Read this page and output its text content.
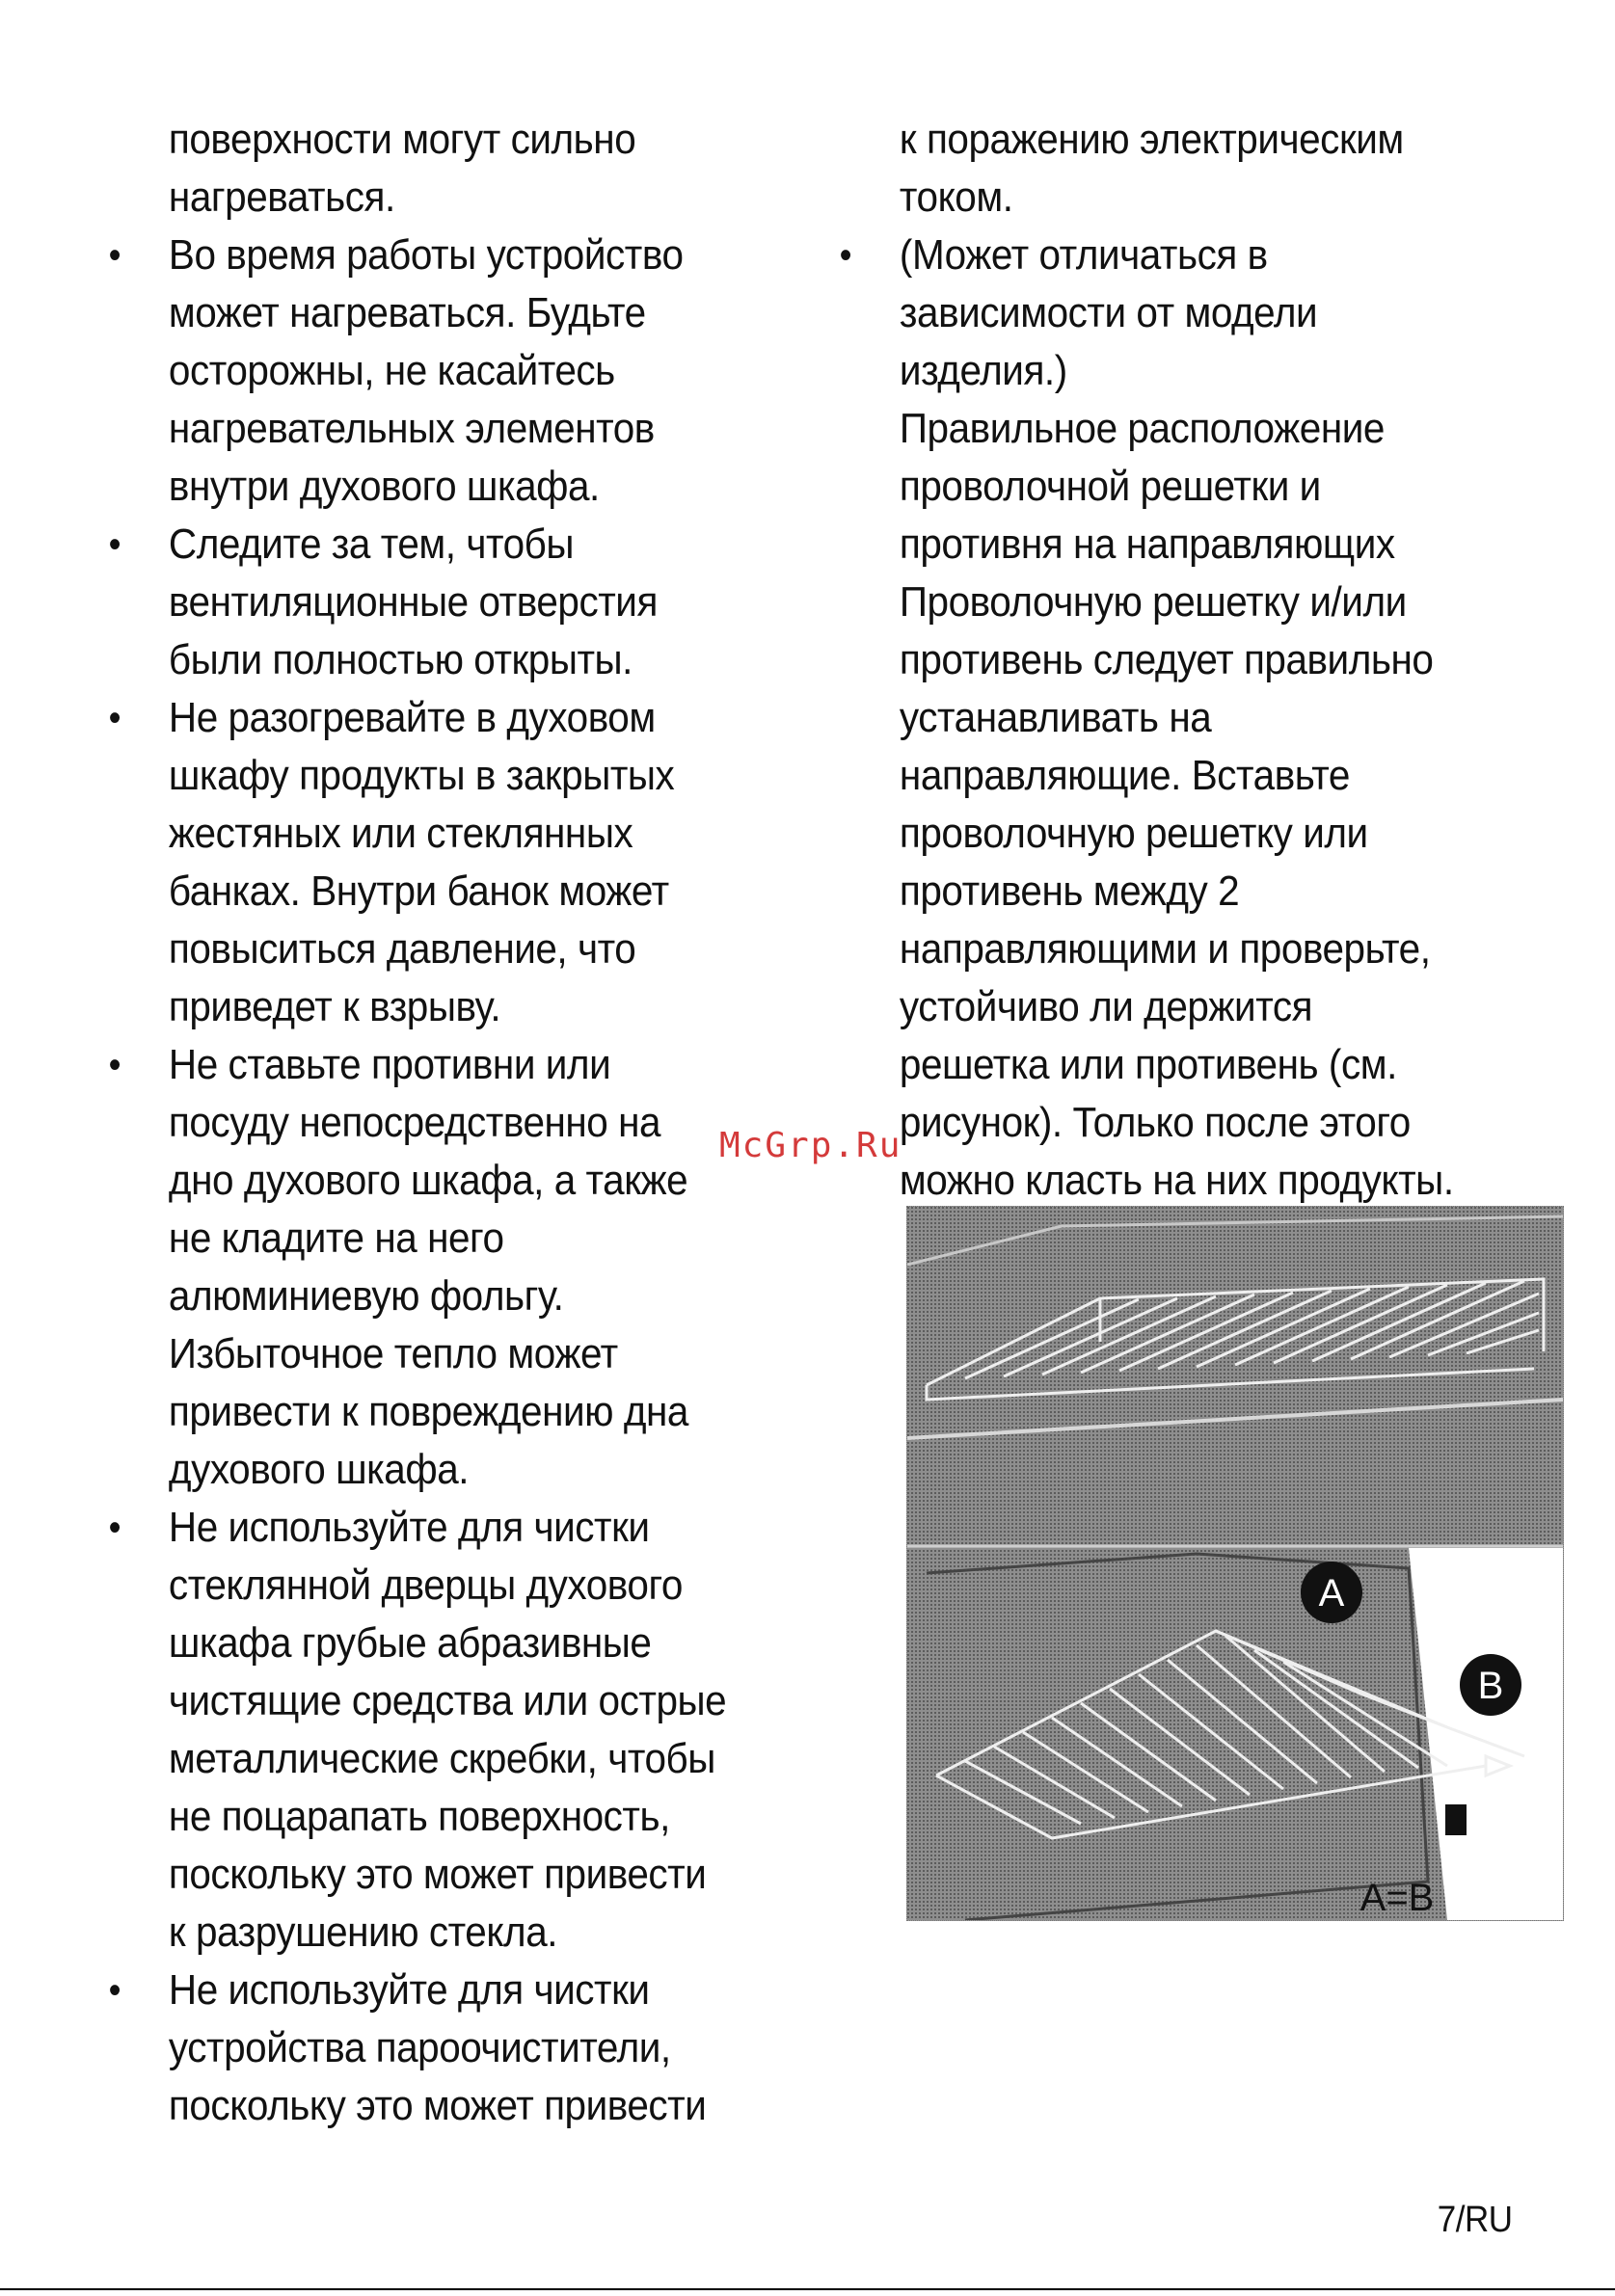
поверхности могут сильно
нагреваться.
• Во время работы устройство
может нагреваться. Будьте
осторожны, не касайтесь
нагревательных элементов
внутри духового шкафа.
• Следите за тем, чтобы
вентиляционные отверстия
были полностью открыты.
• Не разогревайте в духовом
шкафу продукты в закрытых
жестяных или стеклянных
банках. Внутри банок может
повыситься давление, что
приведет к взрыву.
• Не ставьте противни или
посуду непосредственно на
дно духового шкафа, а также
не кладите на него
алюминиевую фольгу.
Избыточное тепло может
привести к повреждению дна
духового шкафа.
• Не используйте для чистки
стеклянной дверцы духового
шкафа грубые абразивные
чистящие средства или острые
металлические скребки, чтобы
не поцарапать поверхность,
поскольку это может привести
к разрушению стекла.
• Не используйте для чистки
устройства пароочистители,
поскольку это может привести
к поражению электрическим
током.
• (Может отличаться в
зависимости от модели
изделия.)
Правильное расположение
проволочной решетки и
противня на направляющих
Проволочную решетку и/или
противень следует правильно
устанавливать на
направляющие. Вставьте
проволочную решетку или
противень между 2
направляющими и проверьте,
устойчиво ли держится
решетка или противень (см.
рисунок). Только после этого
можно класть на них продукты.
McGrp.Ru
A
B
A=B
7/RU
